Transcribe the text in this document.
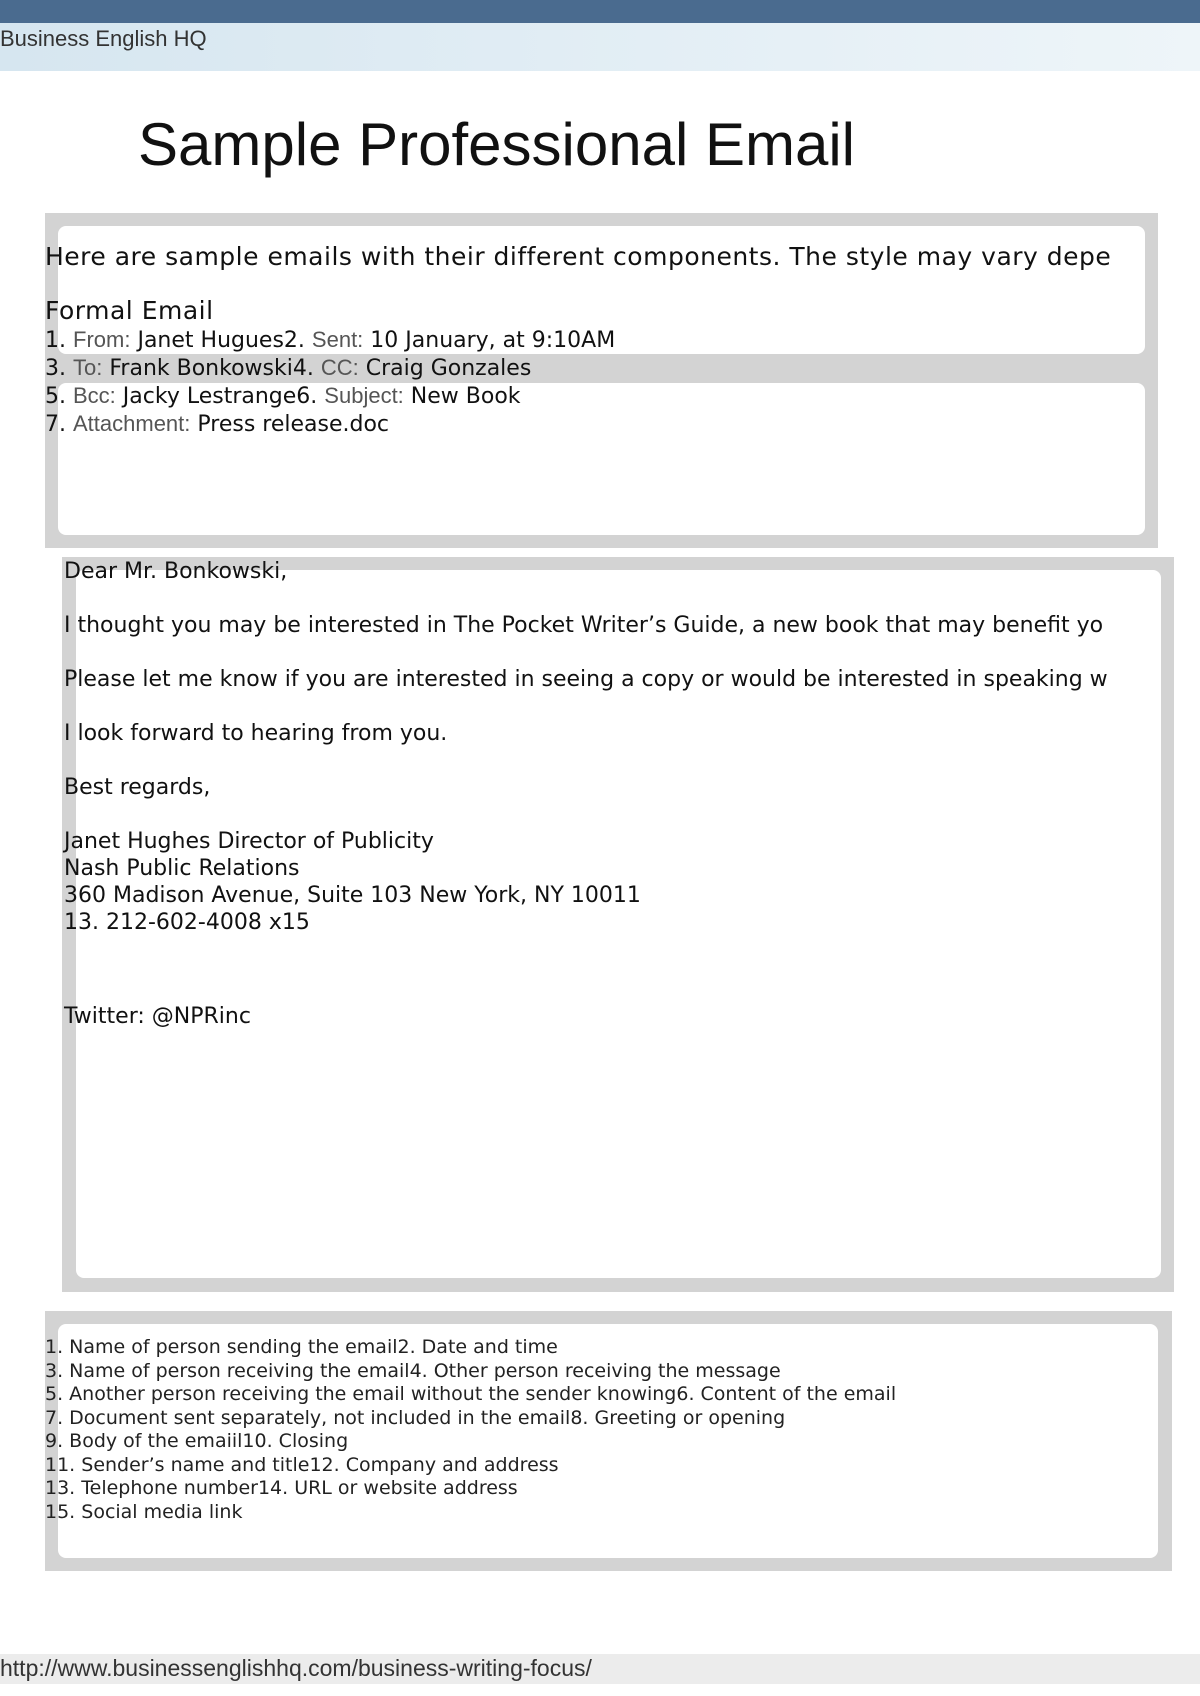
Business English HQ
Sample Professional Email
Here are sample emails with their different components. The style may vary depe
Formal Email
1. From: Janet Hugues2. Sent: 10 January, at 9:10AM
3. To: Frank Bonkowski4. CC: Craig Gonzales
5. Bcc: Jacky Lestrange6. Subject: New Book
7. Attachment: Press release.doc
Dear Mr. Bonkowski,
I thought you may be interested in The Pocket Writer’s Guide, a new book that may benefit yo
Please let me know if you are interested in seeing a copy or would be interested in speaking w
I look forward to hearing from you.
Best regards,
Janet Hughes Director of Publicity
Nash Public Relations
360 Madison Avenue, Suite 103 New York, NY 10011
13. 212-602-4008 x15
Twitter: @NPRinc
1. Name of person sending the email2. Date and time
3. Name of person receiving the email4. Other person receiving the message
5. Another person receiving the email without the sender knowing6. Content of the email
7. Document sent separately, not included in the email8. Greeting or opening
9. Body of the emaiil10. Closing
11. Sender’s name and title12. Company and address
13. Telephone number14. URL or website address
15. Social media link
http://www.businessenglishhq.com/business-writing-focus/
